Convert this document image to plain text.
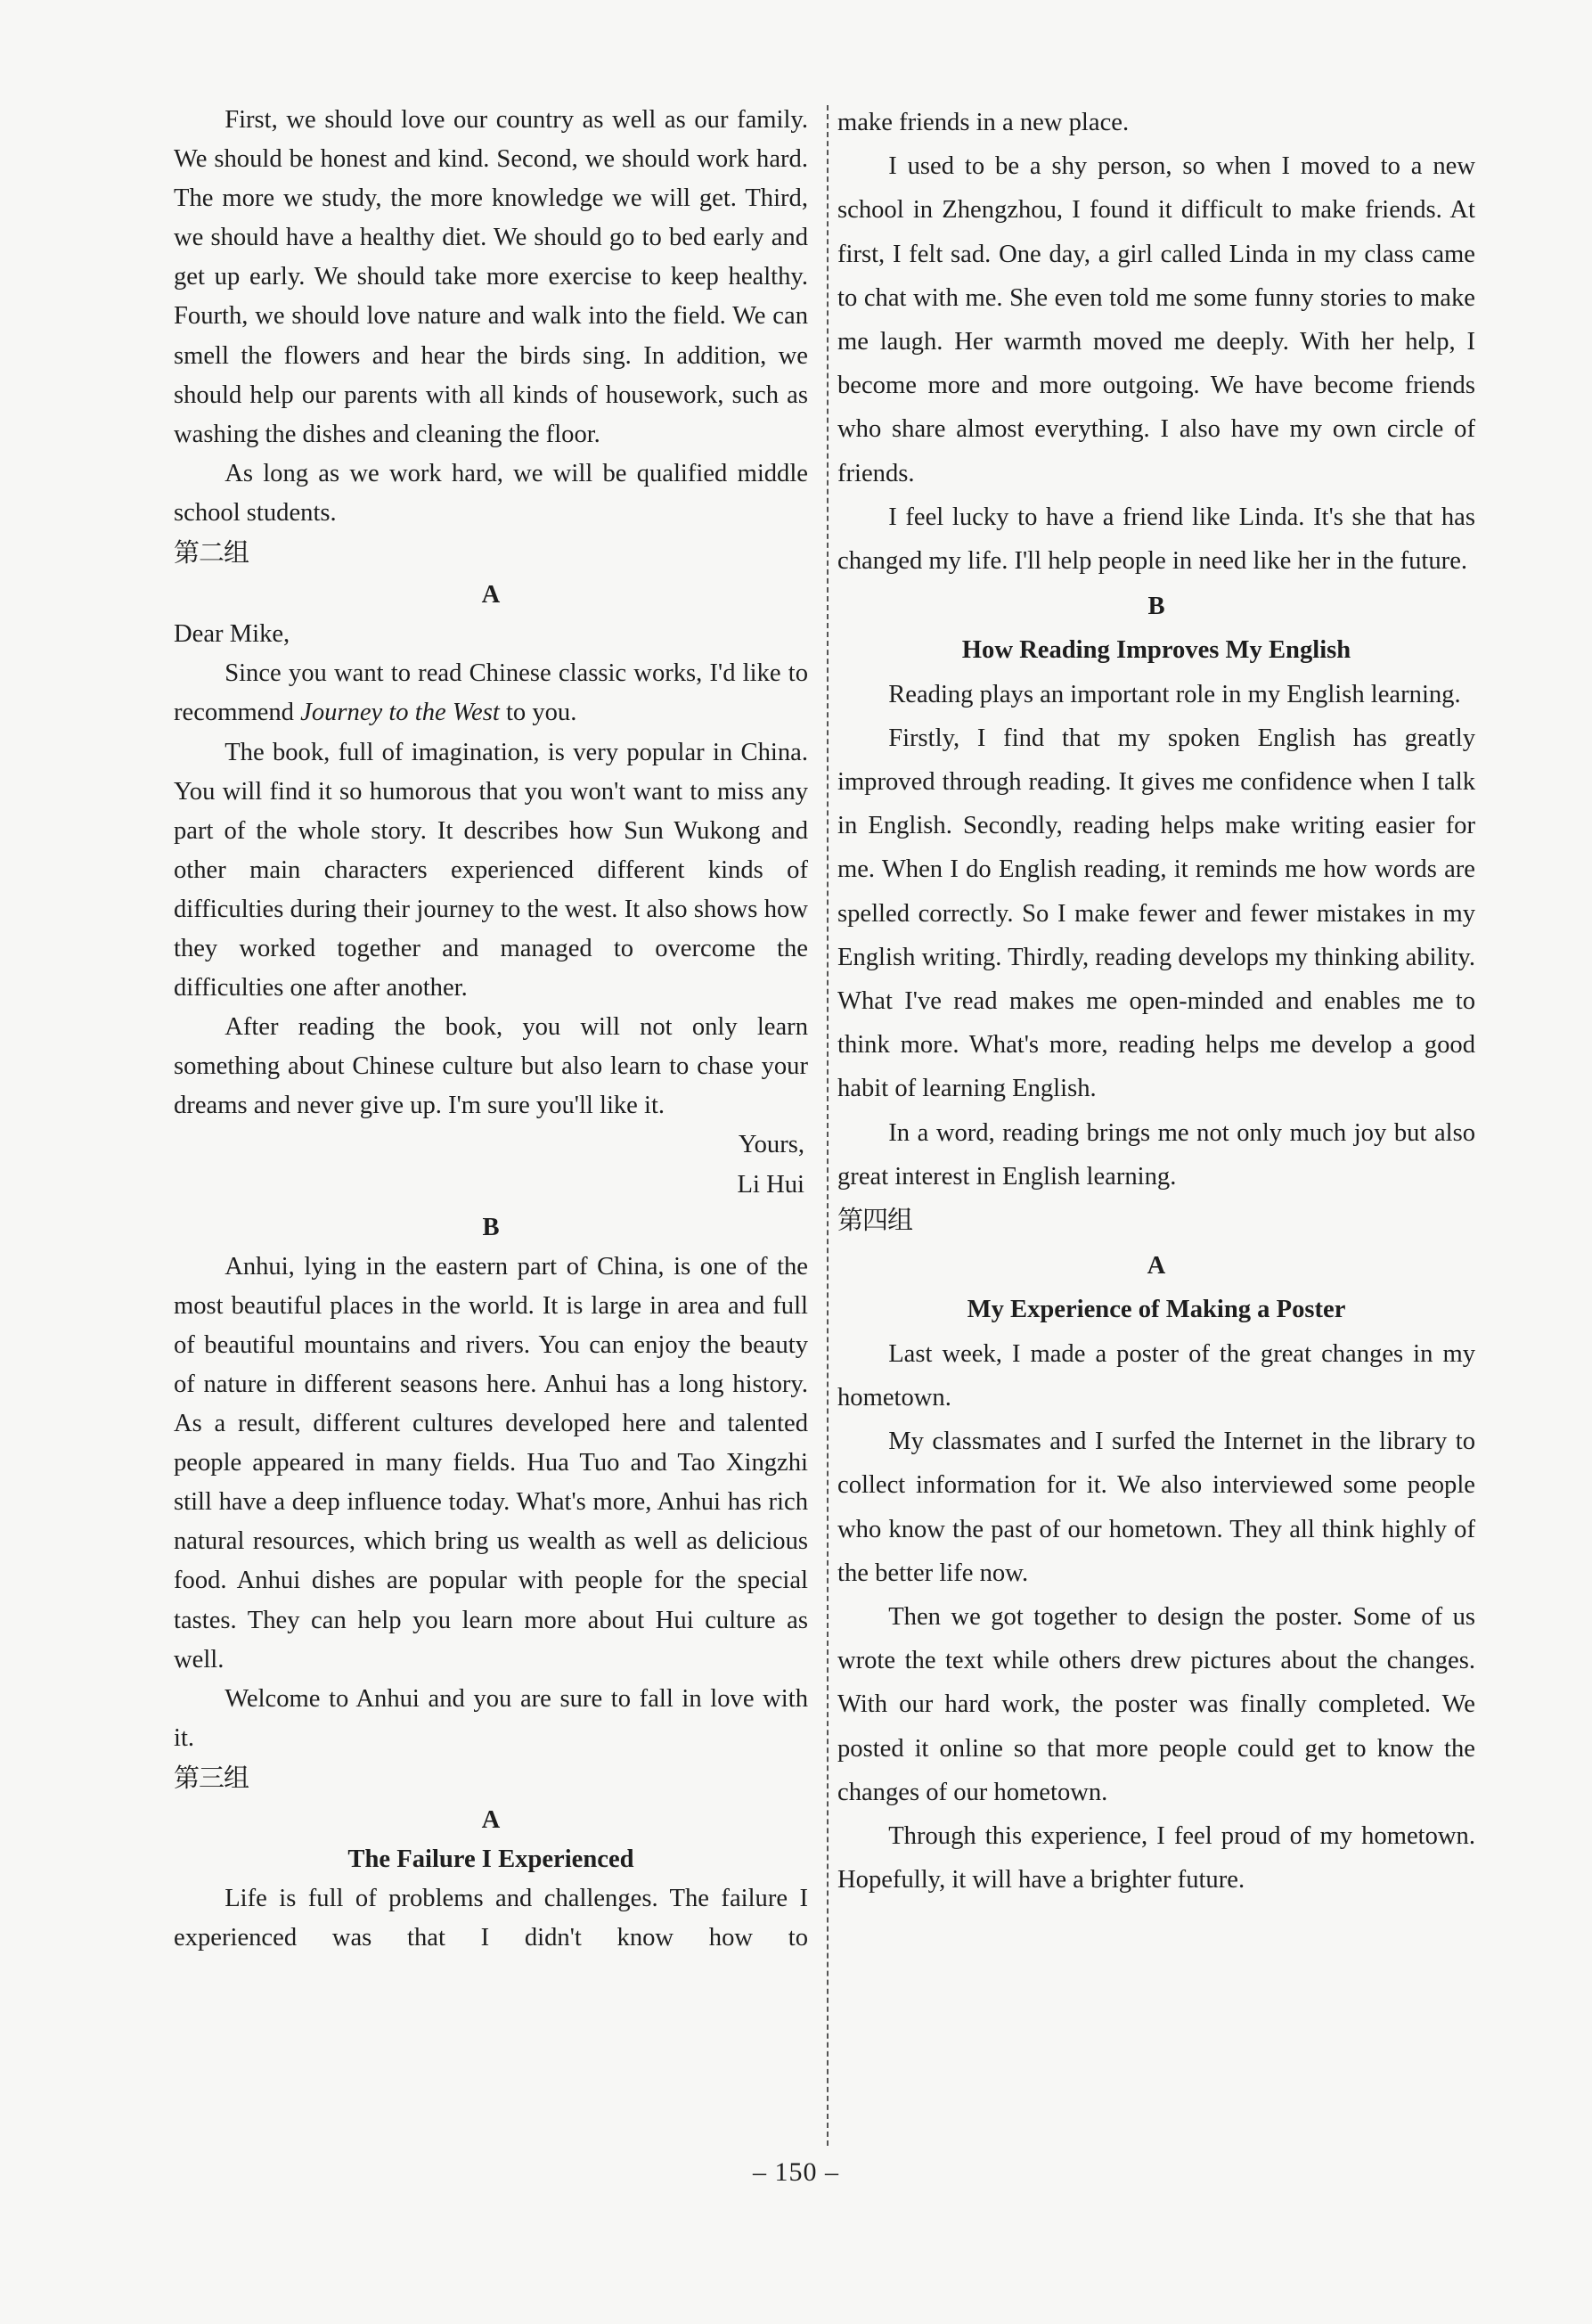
First, we should love our country as well as our family. We should be honest and kind. Second, we should work hard. The more we study, the more knowledge we will get. Third, we should have a healthy diet. We should go to bed early and get up early. We should take more exercise to keep healthy. Fourth, we should love nature and walk into the field. We can smell the flowers and hear the birds sing. In addition, we should help our parents with all kinds of housework, such as washing the dishes and cleaning the floor.

As long as we work hard, we will be qualified middle school students.

第二组
A

Dear Mike,

Since you want to read Chinese classic works, I'd like to recommend Journey to the West to you.

The book, full of imagination, is very popular in China. You will find it so humorous that you won't want to miss any part of the whole story. It describes how Sun Wukong and other main characters experienced different kinds of difficulties during their journey to the west. It also shows how they worked together and managed to overcome the difficulties one after another.

After reading the book, you will not only learn something about Chinese culture but also learn to chase your dreams and never give up. I'm sure you'll like it.

Yours,

Li Hui

B

Anhui, lying in the eastern part of China, is one of the most beautiful places in the world. It is large in area and full of beautiful mountains and rivers. You can enjoy the beauty of nature in different seasons here. Anhui has a long history. As a result, different cultures developed here and talented people appeared in many fields. Hua Tuo and Tao Xingzhi still have a deep influence today. What's more, Anhui has rich natural resources, which bring us wealth as well as delicious food. Anhui dishes are popular with people for the special tastes. They can help you learn more about Hui culture as well.

Welcome to Anhui and you are sure to fall in love with it.

第三组
A
The Failure I Experienced

Life is full of problems and challenges. The failure I experienced was that I didn't know how to

make friends in a new place.

I used to be a shy person, so when I moved to a new school in Zhengzhou, I found it difficult to make friends. At first, I felt sad. One day, a girl called Linda in my class came to chat with me. She even told me some funny stories to make me laugh. Her warmth moved me deeply. With her help, I become more and more outgoing. We have become friends who share almost everything. I also have my own circle of friends.

I feel lucky to have a friend like Linda. It's she that has changed my life. I'll help people in need like her in the future.

B
How Reading Improves My English

Reading plays an important role in my English learning.

Firstly, I find that my spoken English has greatly improved through reading. It gives me confidence when I talk in English. Secondly, reading helps make writing easier for me. When I do English reading, it reminds me how words are spelled correctly. So I make fewer and fewer mistakes in my English writing. Thirdly, reading develops my thinking ability. What I've read makes me open-minded and enables me to think more. What's more, reading helps me develop a good habit of learning English.

In a word, reading brings me not only much joy but also great interest in English learning.

第四组
A
My Experience of Making a Poster

Last week, I made a poster of the great changes in my hometown.

My classmates and I surfed the Internet in the library to collect information for it. We also interviewed some people who know the past of our hometown. They all think highly of the better life now.

Then we got together to design the poster. Some of us wrote the text while others drew pictures about the changes. With our hard work, the poster was finally completed. We posted it online so that more people could get to know the changes of our hometown.

Through this experience, I feel proud of my hometown. Hopefully, it will have a brighter future.

– 150 –
